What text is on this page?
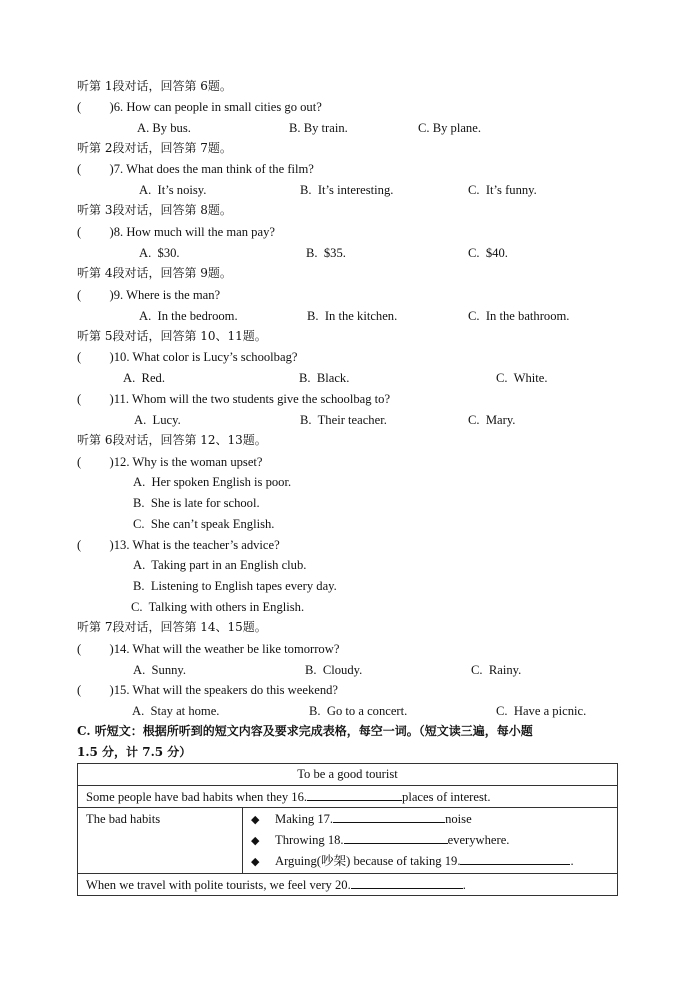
听第 1段对话，回答第 6题。
(　　 )6. How can people in small cities go out?
A. By bus.	B. By train.	C. By plane.
听第 2段对话，回答第 7题。
(　　 )7. What does the man think of the film?
A.  It’s noisy.	B.  It’s interesting.	C.  It’s funny.
听第 3段对话，回答第 8题。
(　　 )8. How much will the man pay?
A.  $30.	B.  $35.	C.  $40.
听第 4段对话，回答第 9题。
(　　 )9. Where is the man?
A.  In the bedroom.	B.  In the kitchen.	C.  In the bathroom.
听第 5段对话，回答第 10、11题。
(　　 )10. What color is Lucy’s schoolbag?
A.  Red.	B.  Black.	C.  White.
(　　 )11. Whom will the two students give the schoolbag to?
A.  Lucy.	B.  Their teacher.	C.  Mary.
听第 6段对话，回答第 12、13题。
(　　 )12. Why is the woman upset?
A.  Her spoken English is poor.
B.  She is late for school.
C.  She can’t speak English.
(　　 )13. What is the teacher’s advice?
A.  Taking part in an English club.
B.  Listening to English tapes every day.
C.  Talking with others in English.
听第 7段对话，回答第 14、15题。
(　　 )14. What will the weather be like tomorrow?
A.  Sunny.	B.  Cloudy.	C.  Rainy.
(　　 )15. What will the speakers do this weekend?
A.  Stay at home.	B.  Go to a concert.	C.  Have a picnic.
C. 听短文：根据所听到的短文内容及要求完成表格，每空一词。（短文读三遍，每小题
1.5 分，计 7.5 分）
To be a good tourist
Some people have bad habits when they 16.	places of interest.
The bad habits	◆ Making 17.	noise
◆ Throwing 18.	everywhere.
◆ Arguing(吵架) because of taking 19.	.

When we travel with polite tourists, we feel very 20.	.
